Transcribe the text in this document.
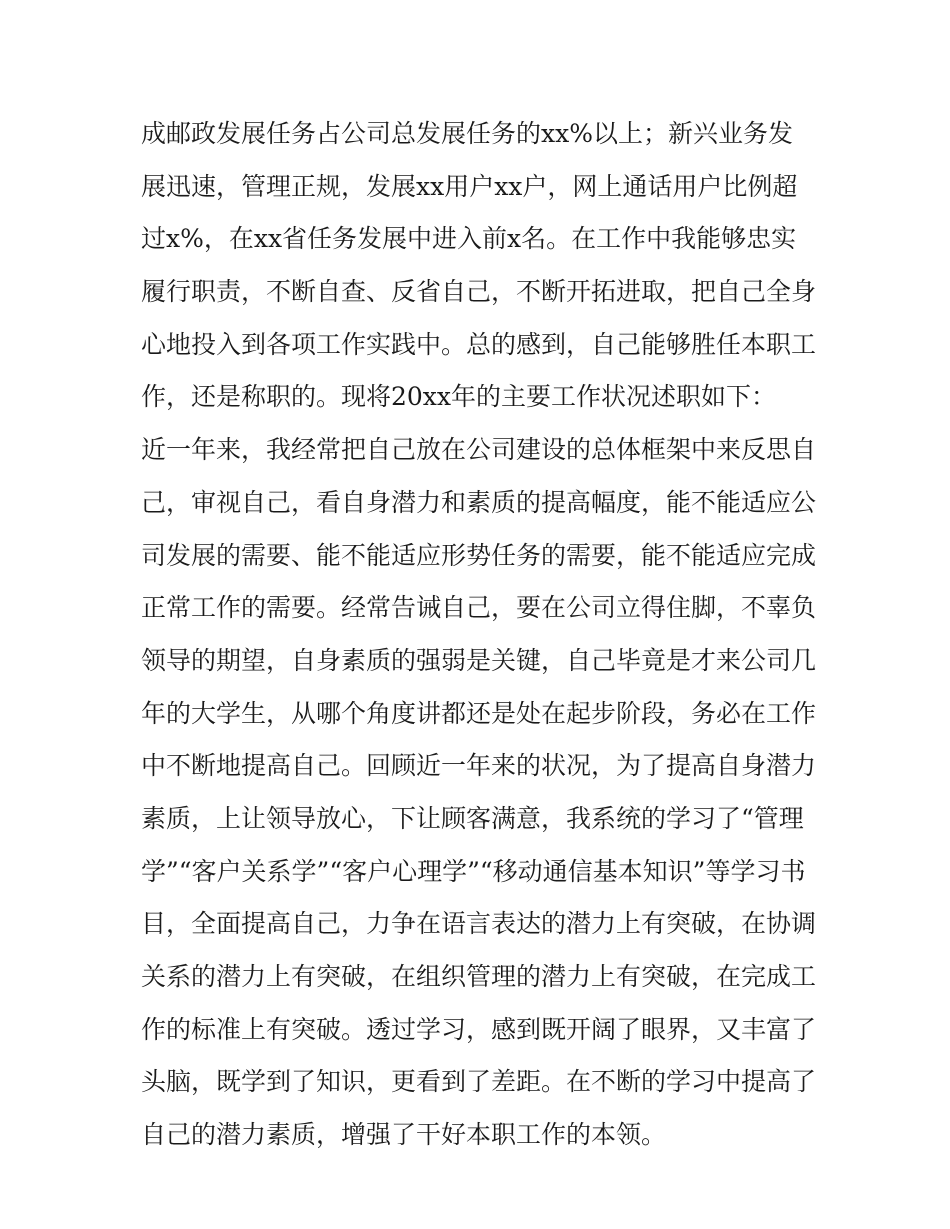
成邮政发展任务占公司总发展任务的xx%以上；新兴业务发

展迅速，管理正规，发展xx用户xx户，网上通话用户比例超

过x%，在xx省任务发展中进入前x名。在工作中我能够忠实

履行职责，不断自查、反省自己，不断开拓进取，把自己全身

心地投入到各项工作实践中。总的感到，自己能够胜任本职工

作，还是称职的。现将20xx年的主要工作状况述职如下：

近一年来，我经常把自己放在公司建设的总体框架中来反思自

己，审视自己，看自身潜力和素质的提高幅度，能不能适应公

司发展的需要、能不能适应形势任务的需要，能不能适应完成

正常工作的需要。经常告诫自己，要在公司立得住脚，不辜负

领导的期望，自身素质的强弱是关键，自己毕竟是才来公司几

年的大学生，从哪个角度讲都还是处在起步阶段，务必在工作

中不断地提高自己。回顾近一年来的状况，为了提高自身潜力

素质，上让领导放心，下让顾客满意，我系统的学习了“管理

学”“客户关系学”“客户心理学”“移动通信基本知识”等学习书

目，全面提高自己，力争在语言表达的潜力上有突破，在协调

关系的潜力上有突破，在组织管理的潜力上有突破，在完成工

作的标准上有突破。透过学习，感到既开阔了眼界，又丰富了

头脑，既学到了知识，更看到了差距。在不断的学习中提高了

自己的潜力素质，增强了干好本职工作的本领。
